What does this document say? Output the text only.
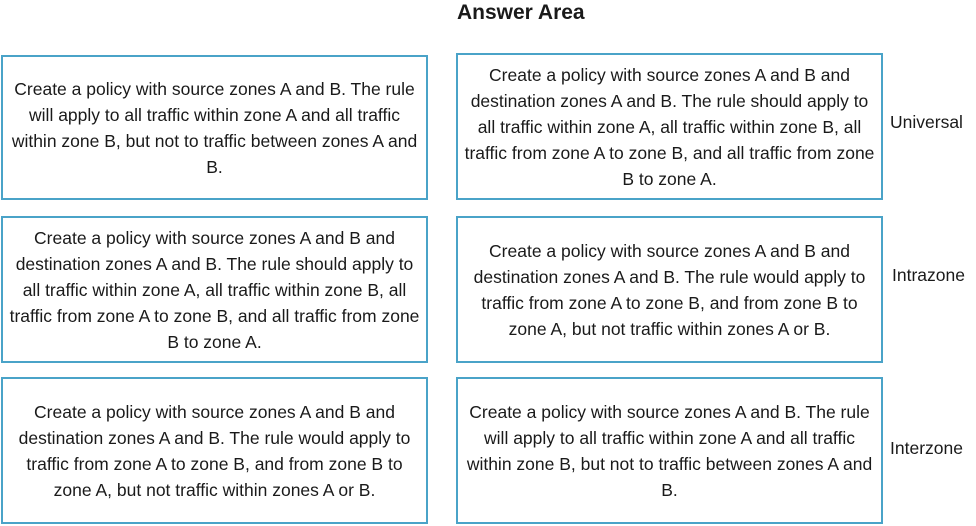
Answer Area
Create a policy with source zones A and B. The rule will apply to all traffic within zone A and all traffic within zone B, but not to traffic between zones A and B.
Create a policy with source zones A and B and destination zones A and B. The rule should apply to all traffic within zone A, all traffic within zone B, all traffic from zone A to zone B, and all traffic from zone B to zone A.
Create a policy with source zones A and B and destination zones A and B. The rule would apply to traffic from zone A to zone B, and from zone B to zone A, but not traffic within zones A or B.
Create a policy with source zones A and B and destination zones A and B. The rule should apply to all traffic within zone A, all traffic within zone B, all traffic from zone A to zone B, and all traffic from zone B to zone A.
Universal
Create a policy with source zones A and B and destination zones A and B. The rule would apply to traffic from zone A to zone B, and from zone B to zone A, but not traffic within zones A or B.
Intrazone
Create a policy with source zones A and B. The rule will apply to all traffic within zone A and all traffic within zone B, but not to traffic between zones A and B.
Interzone
